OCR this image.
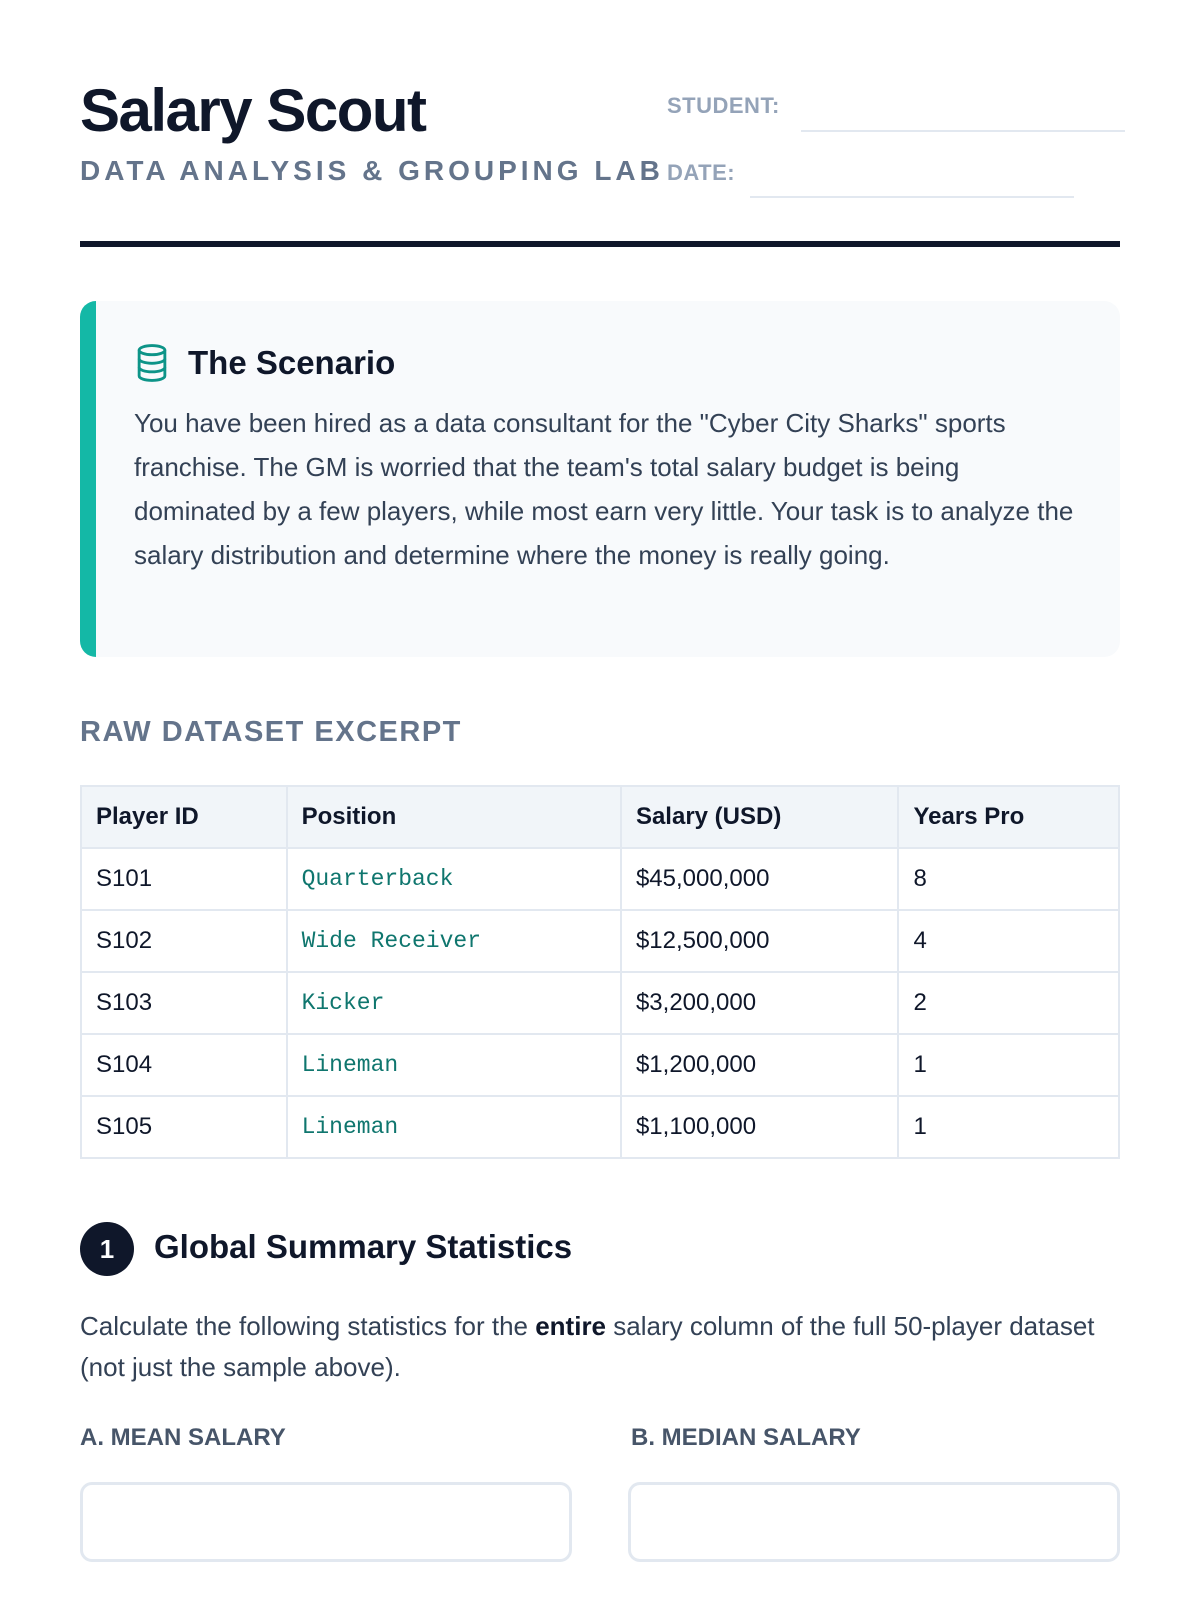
Salary Scout
DATA ANALYSIS & GROUPING LAB
STUDENT:
DATE:
The Scenario

You have been hired as a data consultant for the "Cyber City Sharks" sports franchise. The GM is worried that the team's total salary budget is being dominated by a few players, while most earn very little. Your task is to analyze the salary distribution and determine where the money is really going.

RAW DATASET EXCERPT
Player ID	Position	Salary (USD)	Years Pro
S101	Quarterback	$45,000,000	8
S102	Wide Receiver	$12,500,000	4
S103	Kicker	$3,200,000	2
S104	Lineman	$1,200,000	1
S105	Lineman	$1,100,000	1
1	Global Summary Statistics

Calculate the following statistics for the entire salary column of the full 50-player dataset (not just the sample above).

A. MEAN SALARY	B. MEDIAN SALARY
